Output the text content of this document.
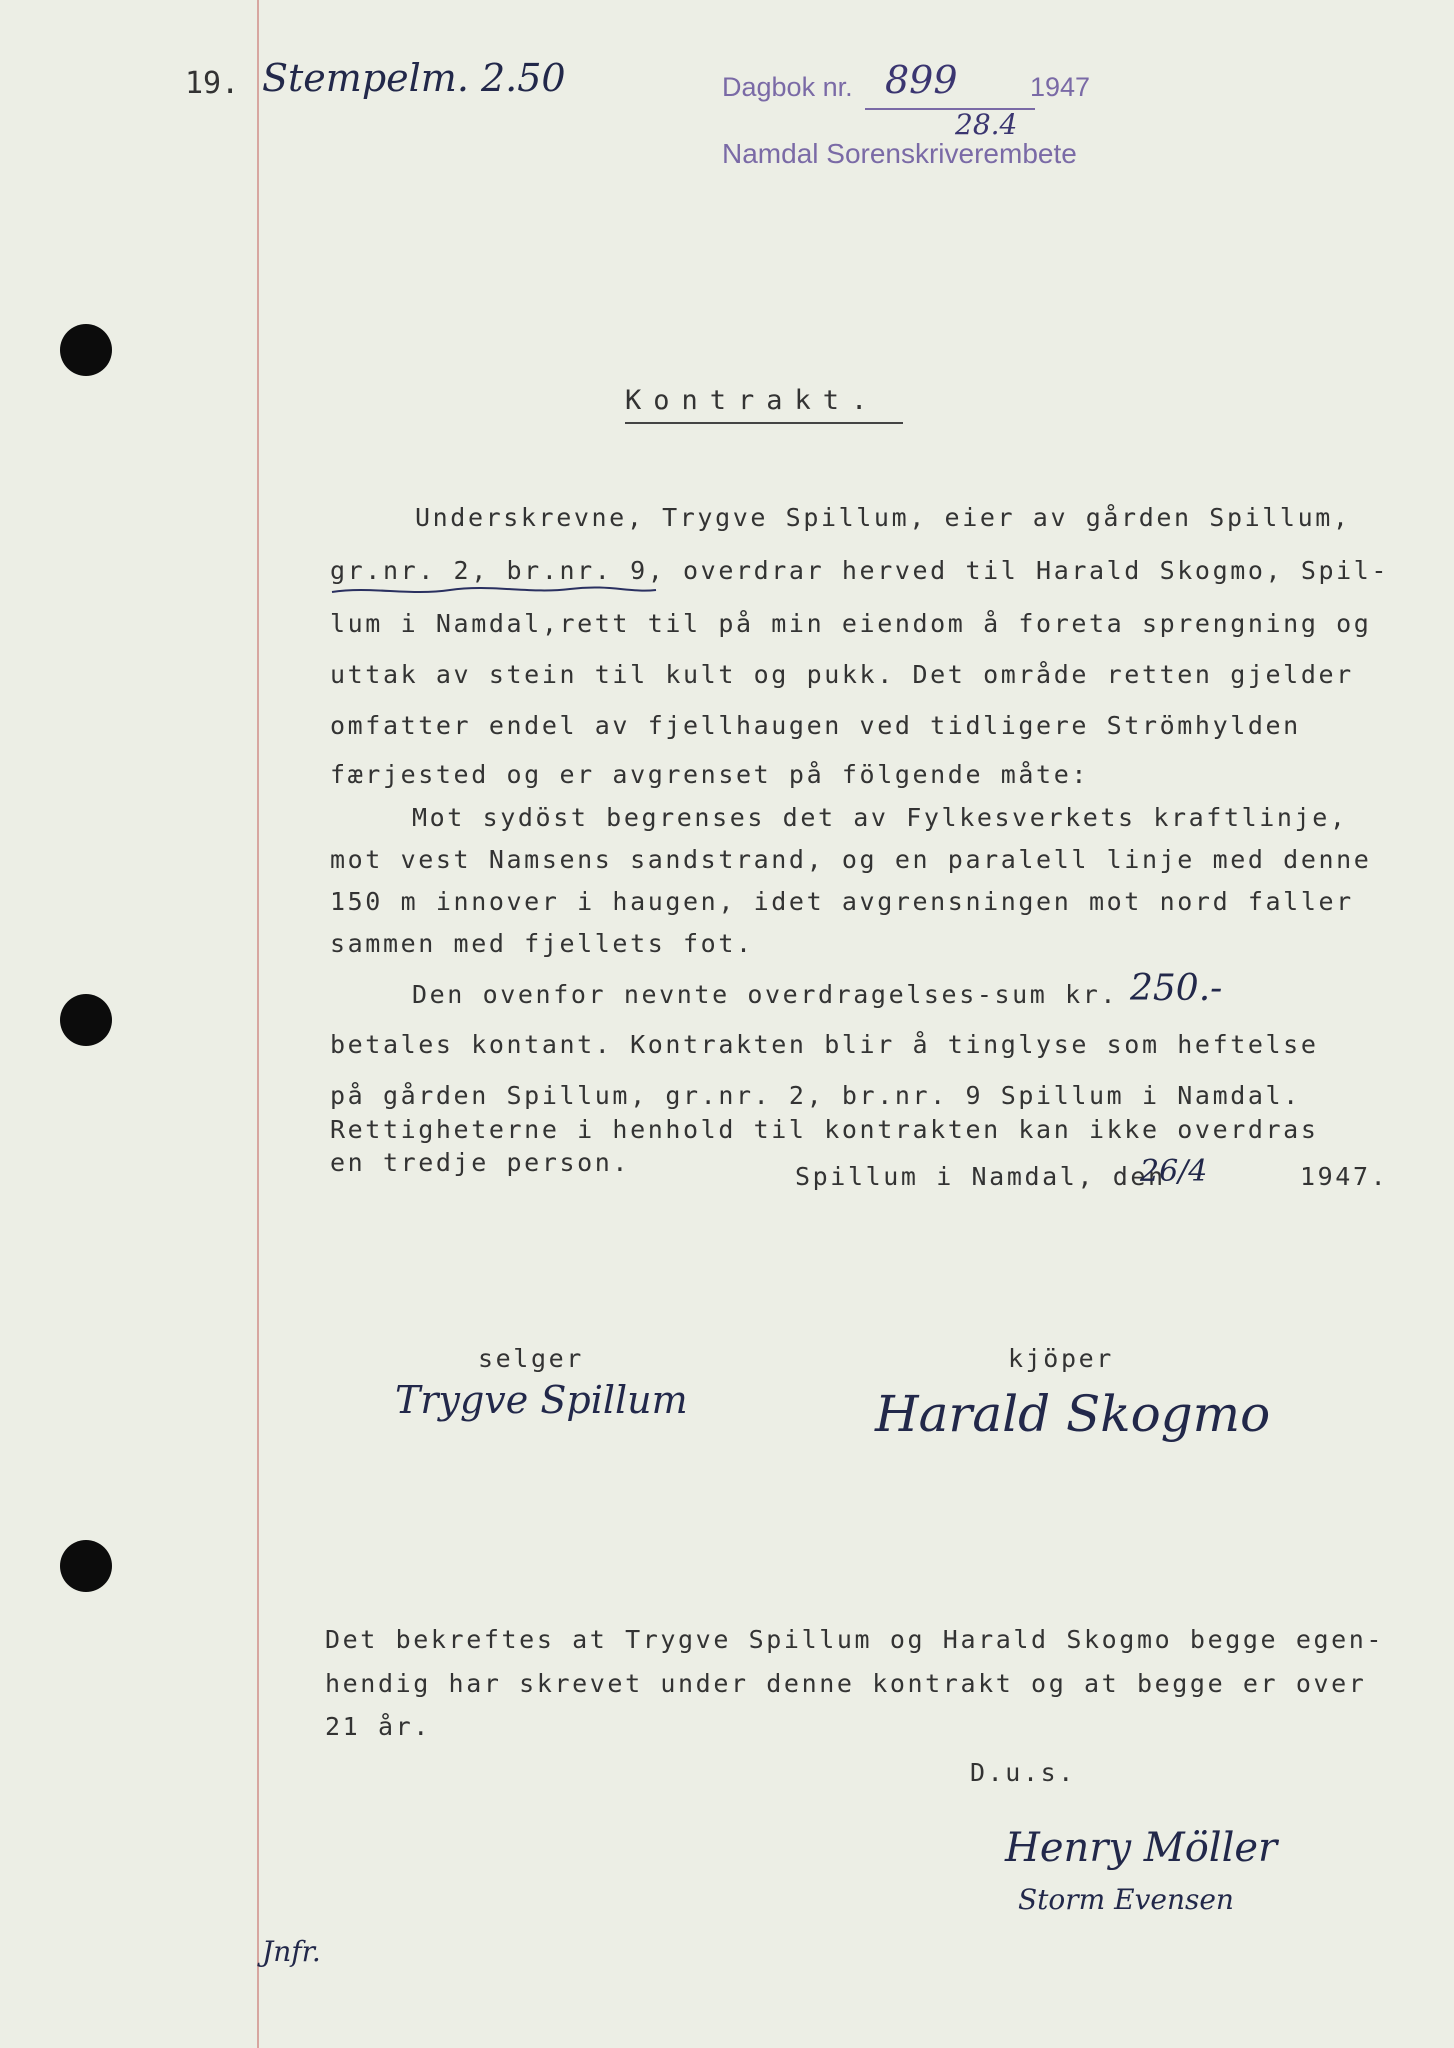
19. Stempelm. 2.50	Dagbok nr. 899	1947
28.4
Namdal Sorenskriverembete
Kontrakt.
Underskrevne, Trygve Spillum, eier av gården Spillum,
gr.nr. 2, br.nr. 9, overdrar herved til Harald Skogmo, Spil-
lum i Namdal,rett til på min eiendom å foreta sprengning og
uttak av stein til kult og pukk. Det område retten gjelder
omfatter endel av fjellhaugen ved tidligere Strömhylden
færjested og er avgrenset på fölgende måte:
Mot sydöst begrenses det av Fylkesverkets kraftlinje,
mot vest Namsens sandstrand, og en paralell linje med denne
150 m innover i haugen, idet avgrensningen mot nord faller
sammen med fjellets fot.
Den ovenfor nevnte overdragelses-sum kr. 250.-
betales kontant. Kontrakten blir å tinglyse som heftelse
på gården Spillum, gr.nr. 2, br.nr. 9 Spillum i Namdal.
Rettigheterne i henhold til kontrakten kan ikke overdras
en tredje person.	Spillum i Namdal, den
26/4	1947.
selger
Trygve Spillum
kjöper
Harald Skogmo
Det bekreftes at Trygve Spillum og Harald Skogmo begge egen-
hendig har skrevet under denne kontrakt og at begge er over
21 år.
D.u.s.
Henry Möller
Storm Evensen
Jnfr.
